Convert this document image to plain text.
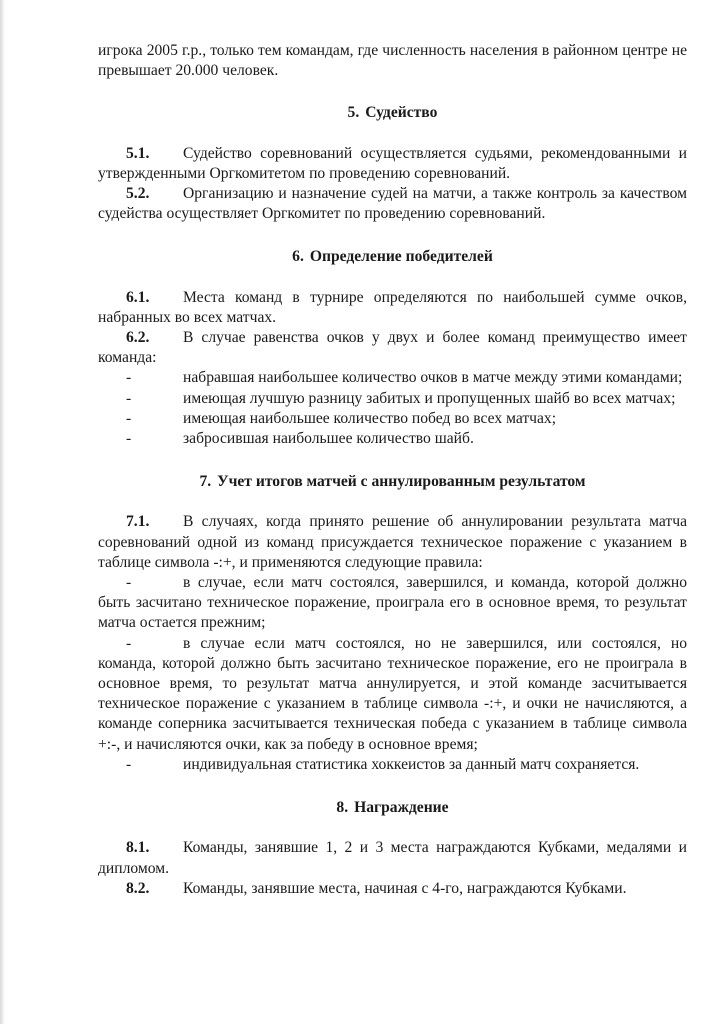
игрока 2005 г.р., только тем командам, где численность населения в районном центре не превышает 20.000 человек.

5. Судейство

5.1. Судейство соревнований осуществляется судьями, рекомендованными и утвержденными Оргкомитетом по проведению соревнований.

5.2. Организацию и назначение судей на матчи, а также контроль за качеством судейства осуществляет Оргкомитет по проведению соревнований.

6. Определение победителей

6.1. Места команд в турнире определяются по наибольшей сумме очков, набранных во всех матчах.

6.2. В случае равенства очков у двух и более команд преимущество имеет команда:

-	набравшая наибольшее количество очков в матче между этими командами;

-	имеющая лучшую разницу забитых и пропущенных шайб во всех матчах;

-	имеющая наибольшее количество побед во всех матчах;

-	забросившая наибольшее количество шайб.

7. Учет итогов матчей с аннулированным результатом

7.1. В случаях, когда принято решение об аннулировании результата матча соревнований одной из команд присуждается техническое поражение с указанием в таблице символа -:+, и применяются следующие правила:

-	в случае, если матч состоялся, завершился, и команда, которой должно быть засчитано техническое поражение, проиграла его в основное время, то результат матча остается прежним;

-	в случае если матч состоялся, но не завершился, или состоялся, но команда, которой должно быть засчитано техническое поражение, его не проиграла в основное время, то результат матча аннулируется, и этой команде засчитывается техническое поражение с указанием в таблице символа -:+, и очки не начисляются, а команде соперника засчитывается техническая победа с указанием в таблице символа +:-, и начисляются очки, как за победу в основное время;

-	индивидуальная статистика хоккеистов за данный матч сохраняется.

8. Награждение

8.1. Команды, занявшие 1, 2 и 3 места награждаются Кубками, медалями и дипломом.

8.2. Команды, занявшие места, начиная с 4-го, награждаются Кубками.
